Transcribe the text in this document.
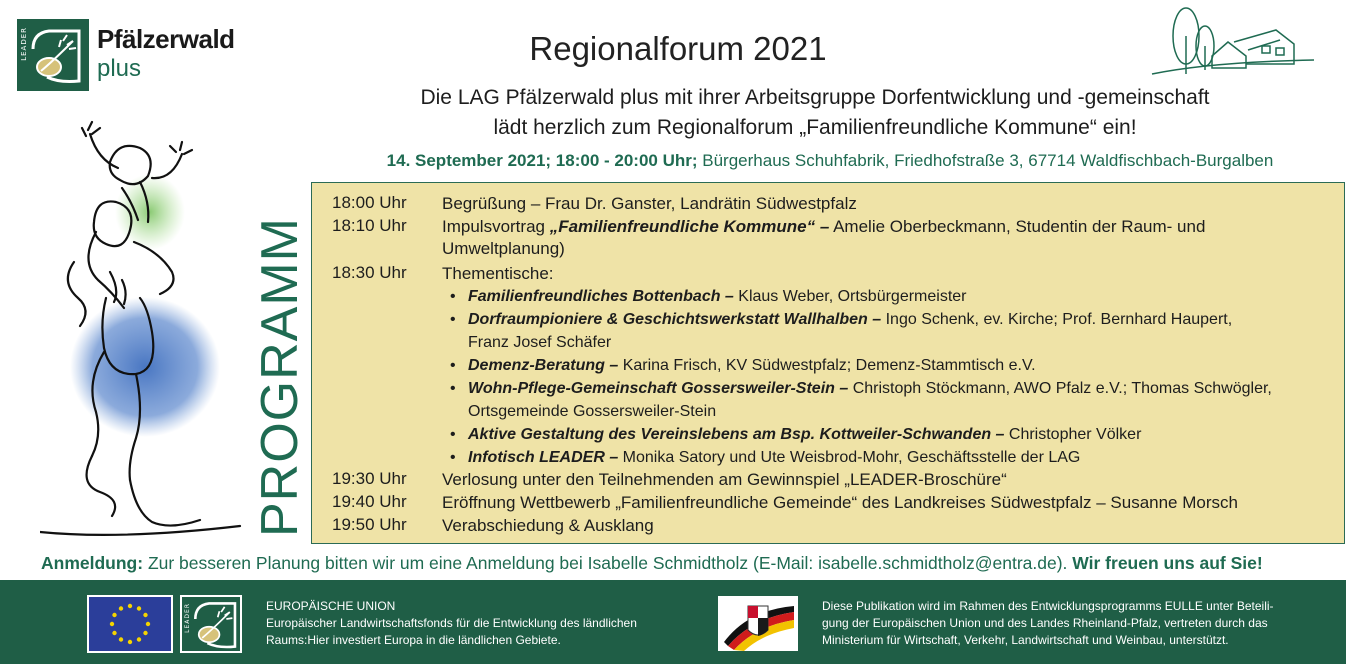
LEADER	Pfälzerwald
plus
Regionalforum 2021
Die LAG Pfälzerwald plus mit ihrer Arbeitsgruppe Dorfentwicklung und -gemeinschaft
lädt herzlich zum Regionalforum „Familienfreundliche Kommune“ ein!
14. September 2021; 18:00 - 20:00 Uhr; Bürgerhaus Schuhfabrik, Friedhofstraße 3, 67714 Waldfischbach-Burgalben
PROGRAMM
18:00 Uhr	Begrüßung – Frau Dr. Ganster, Landrätin Südwestpfalz
18:10 Uhr	Impulsvortrag „Familienfreundliche Kommune“ – Amelie Oberbeckmann, Studentin der Raum- und
Umweltplanung)
18:30 Uhr	Thementische:
• Familienfreundliches Bottenbach – Klaus Weber, Ortsbürgermeister
• Dorfraumpioniere & Geschichtswerkstatt Wallhalben – Ingo Schenk, ev. Kirche; Prof. Bernhard Haupert,
Franz Josef Schäfer
• Demenz-Beratung – Karina Frisch, KV Südwestpfalz; Demenz-Stammtisch e.V.
• Wohn-Pflege-Gemeinschaft Gossersweiler-Stein – Christoph Stöckmann, AWO Pfalz e.V.; Thomas Schwögler,
Ortsgemeinde Gossersweiler-Stein
• Aktive Gestaltung des Vereinslebens am Bsp. Kottweiler-Schwanden – Christopher Völker
• Infotisch LEADER – Monika Satory und Ute Weisbrod-Mohr, Geschäftsstelle der LAG
19:30 Uhr	Verlosung unter den Teilnehmenden am Gewinnspiel „LEADER-Broschüre“
19:40 Uhr	Eröffnung Wettbewerb „Familienfreundliche Gemeinde“ des Landkreises Südwestpfalz – Susanne Morsch
19:50 Uhr	Verabschiedung & Ausklang
Anmeldung: Zur besseren Planung bitten wir um eine Anmeldung bei Isabelle Schmidtholz (E-Mail: isabelle.schmidtholz@entra.de). Wir freuen uns auf Sie!
LEADER	EUROPÄISCHE UNION
Europäischer Landwirtschaftsfonds für die Entwicklung des ländlichen
Raums:Hier investiert Europa in die ländlichen Gebiete.
Diese Publikation wird im Rahmen des Entwicklungsprogramms EULLE unter Beteili-
gung der Europäischen Union und des Landes Rheinland-Pfalz, vertreten durch das
Ministerium für Wirtschaft, Verkehr, Landwirtschaft und Weinbau, unterstützt.
